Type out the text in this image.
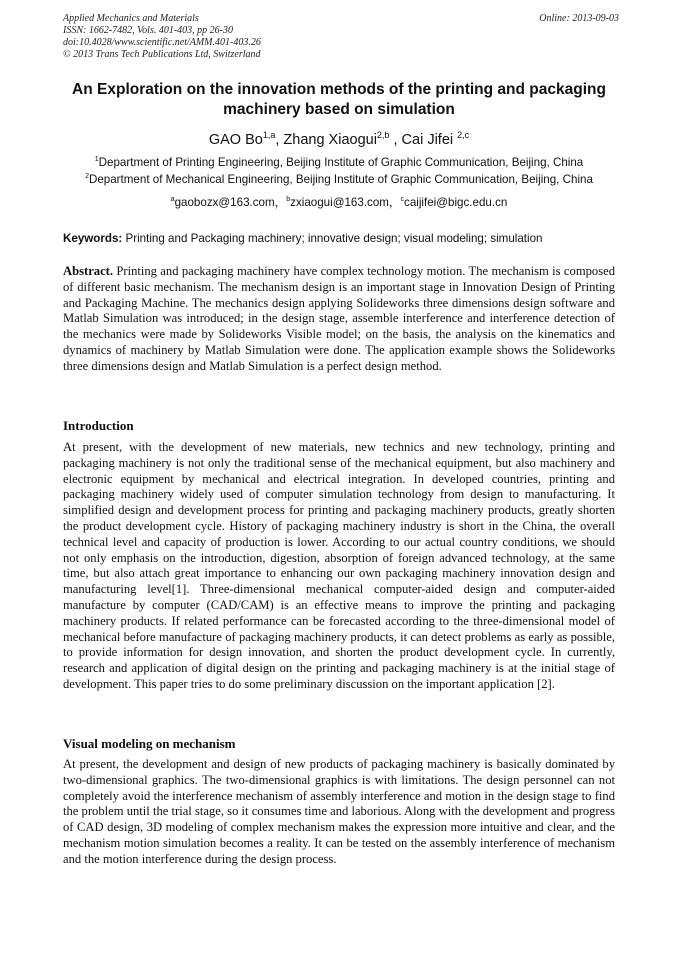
Applied Mechanics and Materials
ISSN: 1662-7482, Vols. 401-403, pp 26-30
doi:10.4028/www.scientific.net/AMM.401-403.26
© 2013 Trans Tech Publications Ltd, Switzerland
Online: 2013-09-03
An Exploration on the innovation methods of the printing and packaging machinery based on simulation
GAO Bo$^{1,a}$, Zhang Xiaogui$^{2,b}$ , Cai Jifei $^{2,c}$
$^1$Department of Printing Engineering, Beijing Institute of Graphic Communication, Beijing, China
$^2$Department of Mechanical Engineering, Beijing Institute of Graphic Communication, Beijing, China
$^a$gaobozx@163.com，$^b$zxiaogui@163.com，$^c$caijifei@bigc.edu.cn
Keywords: Printing and Packaging machinery; innovative design; visual modeling; simulation

Abstract. Printing and packaging machinery have complex technology motion. The mechanism is composed of different basic mechanism. The mechanism design is an important stage in Innovation Design of Printing and Packaging Machine. The mechanics design applying Solideworks three dimensions design software and Matlab Simulation was introduced; in the design stage, assemble interference and interference detection of the mechanics were made by Solideworks Visible model; on the basis, the analysis on the kinematics and dynamics of machinery by Matlab Simulation were done. The application example shows the Solideworks three dimensions design and Matlab Simulation is a perfect design method.

Introduction

At present, with the development of new materials, new technics and new technology, printing and packaging machinery is not only the traditional sense of the mechanical equipment, but also machinery and electronic equipment by mechanical and electrical integration. In developed countries, printing and packaging machinery widely used of computer simulation technology from design to manufacturing. It simplified design and development process for printing and packaging machinery products, greatly shorten the product development cycle. History of packaging machinery industry is short in the China, the overall technical level and capacity of production is lower. According to our actual country conditions, we should not only emphasis on the introduction, digestion, absorption of foreign advanced technology, at the same time, but also attach great importance to enhancing our own packaging machinery innovation design and manufacturing level[1]. Three-dimensional mechanical computer-aided design and computer-aided manufacture by computer (CAD/CAM) is an effective means to improve the printing and packaging machinery products. If related performance can be forecasted according to the three-dimensional model of mechanical before manufacture of packaging machinery products, it can detect problems as early as possible, to provide information for design innovation, and shorten the product development cycle. In currently, research and application of digital design on the printing and packaging machinery is at the initial stage of development. This paper tries to do some preliminary discussion on the important application [2].

Visual modeling on mechanism

At present, the development and design of new products of packaging machinery is basically dominated by two-dimensional graphics. The two-dimensional graphics is with limitations. The design personnel can not completely avoid the interference mechanism of assembly interference and motion in the design stage to find the problem until the trial stage, so it consumes time and laborious. Along with the development and progress of CAD design, 3D modeling of complex mechanism makes the expression more intuitive and clear, and the mechanism motion simulation becomes a reality. It can be tested on the assembly interference of mechanism and the motion interference during the design process.
